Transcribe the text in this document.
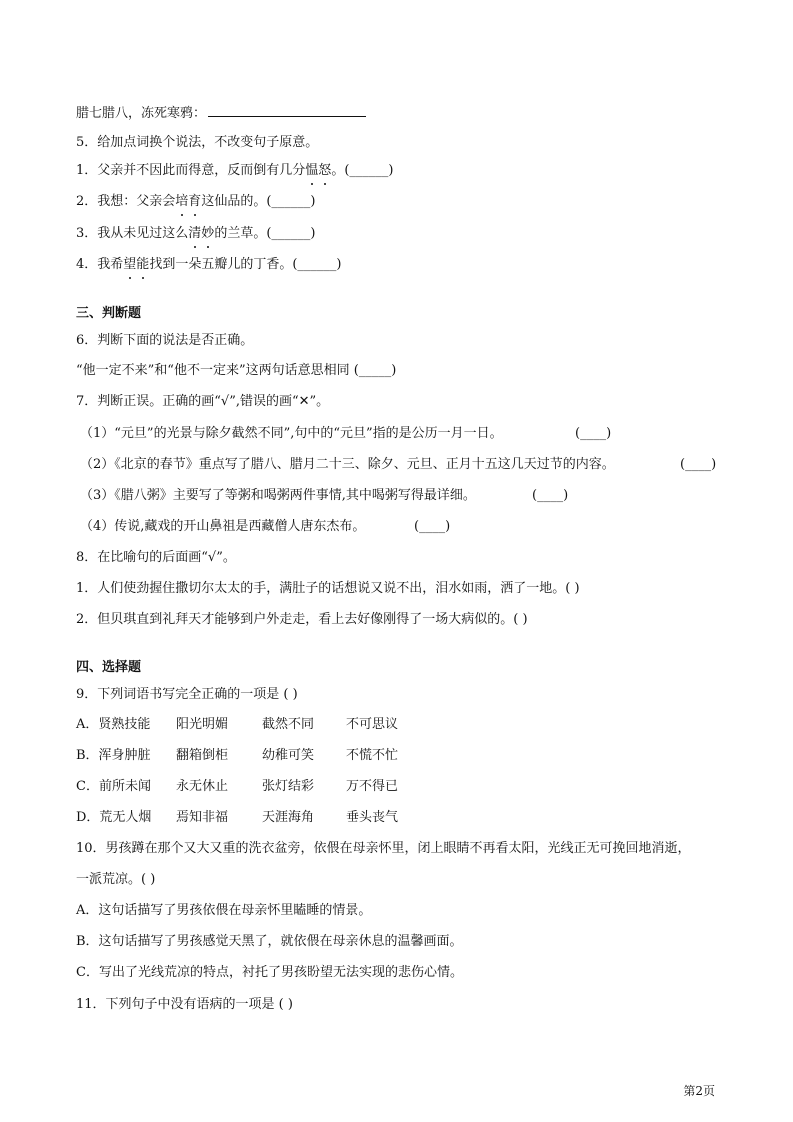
腊七腊八，冻死寒鸦：
5．给加点词换个说法，不改变句子原意。
1．父亲并不因此而得意，反而倒有几分愠怒。(______)
2．我想：父亲会培育这仙品的。(______)
3．我从未见过这么清妙的兰草。(______)
4．我希望能找到一朵五瓣儿的丁香。(______)
三、判断题
6．判断下面的说法是否正确。
“他一定不来”和“他不一定来”这两句话意思相同 (_____)
7．判断正误。正确的画“√”,错误的画“✕”。
（1）“元旦”的光景与除夕截然不同”,句中的“元旦”指的是公历一月一日。	(____)
（2）《北京的春节》重点写了腊八、腊月二十三、除夕、元旦、正月十五这几天过节的内容。	(____)
（3）《腊八粥》主要写了等粥和喝粥两件事情,其中喝粥写得最详细。	(____)
（4）传说,藏戏的开山鼻祖是西藏僧人唐东杰布。	(____)
8．在比喻句的后面画“√”。
1．人们使劲握住撒切尔太太的手，满肚子的话想说又说不出，泪水如雨，洒了一地。( )
2．但贝琪直到礼拜天才能够到户外走走，看上去好像刚得了一场大病似的。( )
四、选择题
9．下列词语书写完全正确的一项是 ( )
A．贤熟技能 阳光明媚	截然不同 不可思议
B．浑身肿脏 翻箱倒柜	幼稚可笑 不慌不忙
C．前所未闻 永无休止	张灯结彩 万不得已
D．荒无人烟 焉知非福	天涯海角 垂头丧气
10．男孩蹲在那个又大又重的洗衣盆旁，依偎在母亲怀里，闭上眼睛不再看太阳，光线正无可挽回地消逝，
一派荒凉。( )
A．这句话描写了男孩依偎在母亲怀里瞌睡的情景。
B．这句话描写了男孩感觉天黑了，就依偎在母亲休息的温馨画面。
C．写出了光线荒凉的特点，衬托了男孩盼望无法实现的悲伤心情。
11．下列句子中没有语病的一项是 ( )
第2页
